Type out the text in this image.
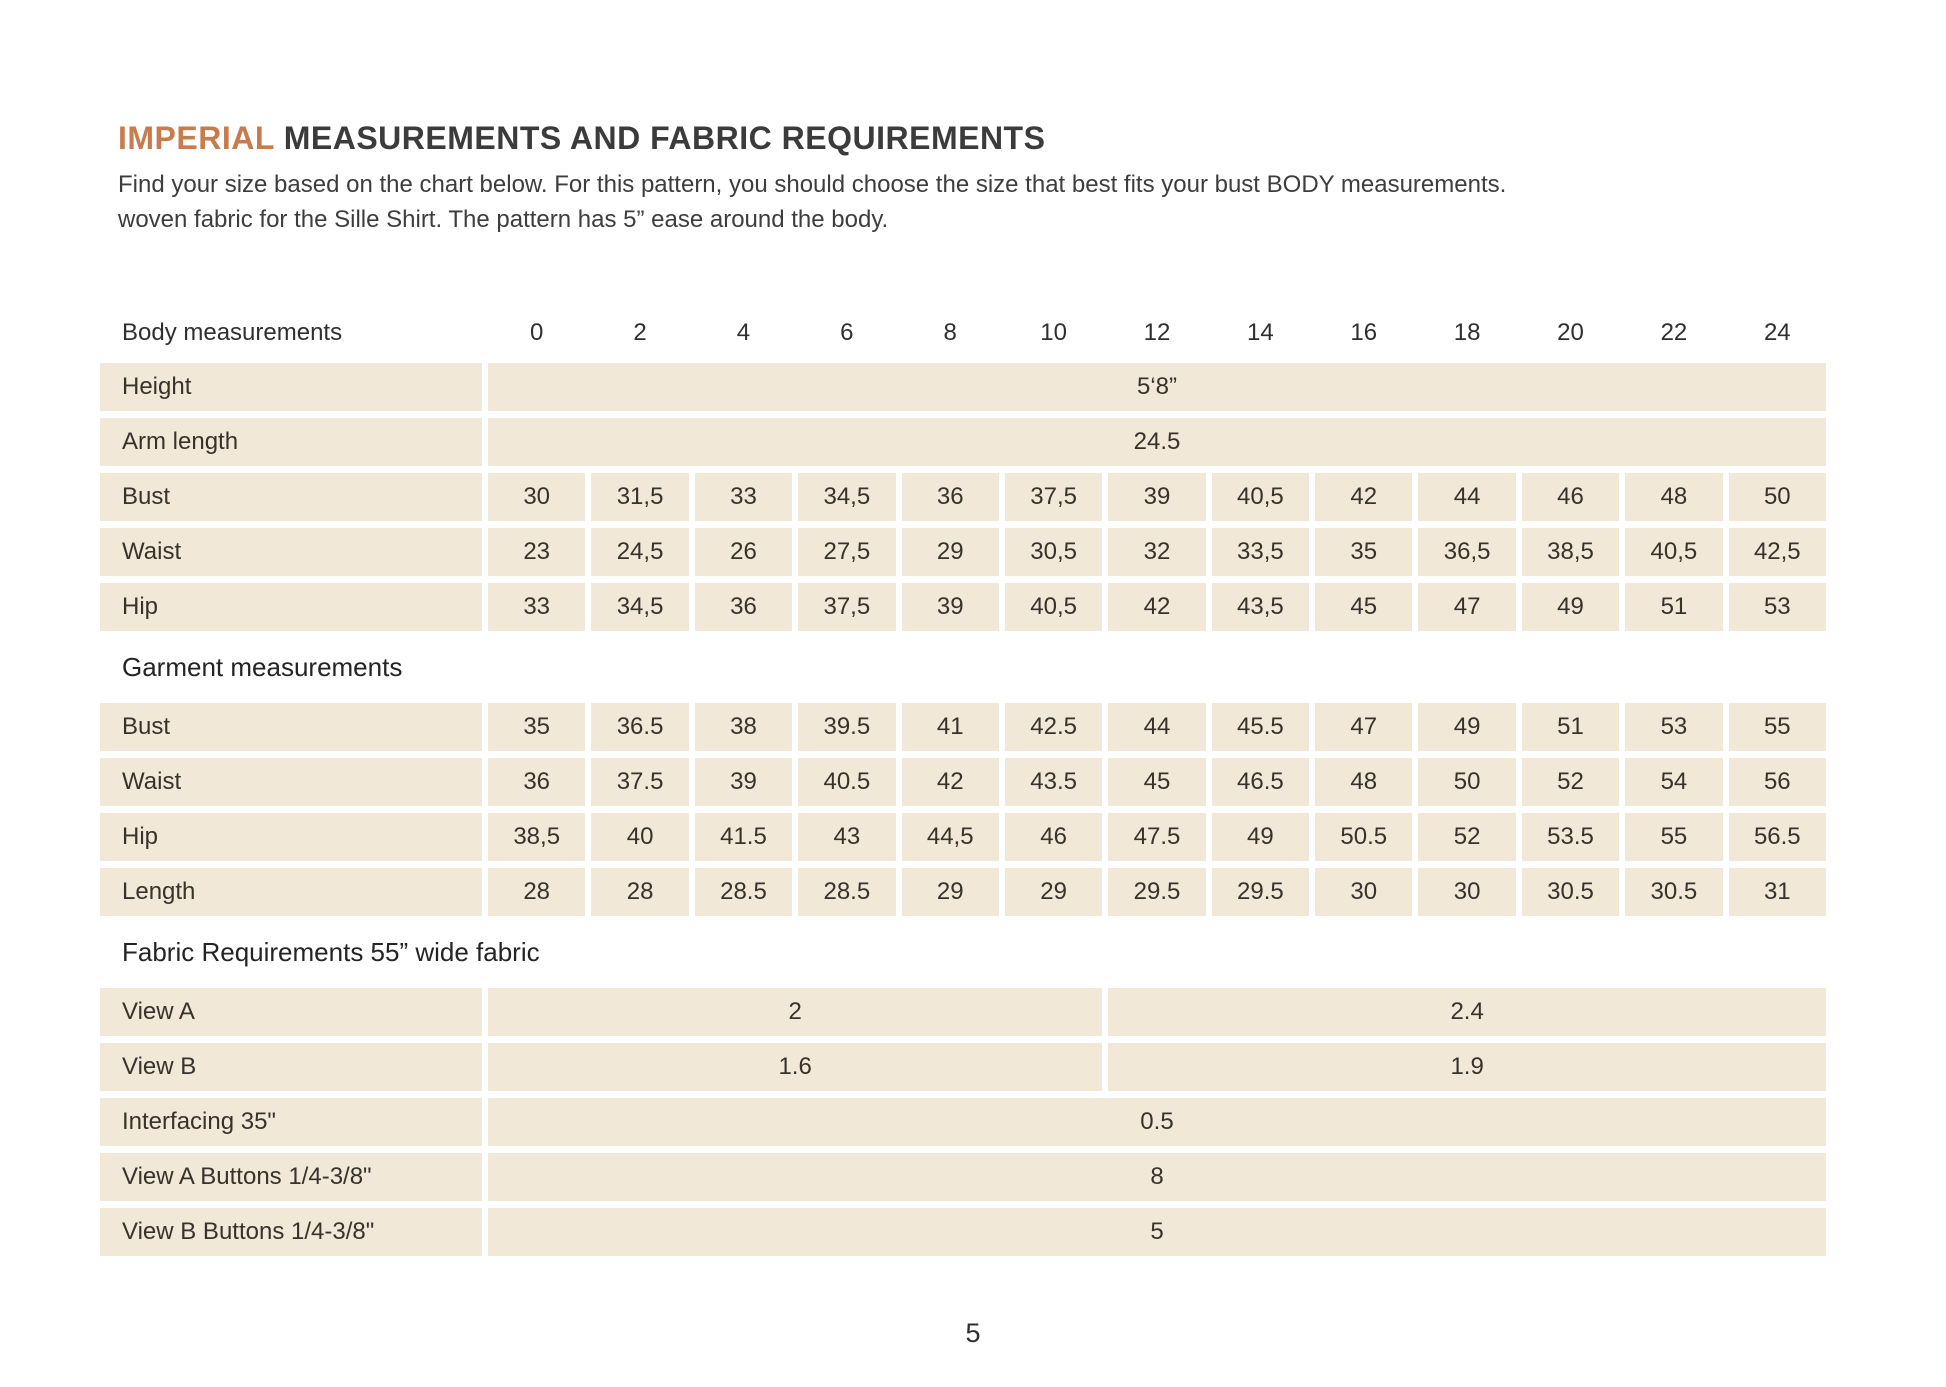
IMPERIAL MEASUREMENTS AND FABRIC REQUIREMENTS

Find your size based on the chart below. For this pattern, you should choose the size that best fits your bust BODY measurements.
woven fabric for the Sille Shirt. The pattern has 5” ease around the body.

Body measurements	0	2	4	6	8	10	12	14	16	18	20	22	24
Height	5‘8”
Arm length	24.5
Bust	30	31,5	33	34,5	36	37,5	39	40,5	42	44	46	48	50
Waist	23	24,5	26	27,5	29	30,5	32	33,5	35	36,5	38,5	40,5	42,5
Hip	33	34,5	36	37,5	39	40,5	42	43,5	45	47	49	51	53
Garment measurements
Bust	35	36.5	38	39.5	41	42.5	44	45.5	47	49	51	53	55
Waist	36	37.5	39	40.5	42	43.5	45	46.5	48	50	52	54	56
Hip	38,5	40	41.5	43	44,5	46	47.5	49	50.5	52	53.5	55	56.5
Length	28	28	28.5	28.5	29	29	29.5	29.5	30	30	30.5	30.5	31
Fabric Requirements 55” wide fabric
View A	2	2.4
View B	1.6	1.9
Interfacing 35"	0.5
View A Buttons 1/4-3/8"	8
View B Buttons 1/4-3/8"	5
5
